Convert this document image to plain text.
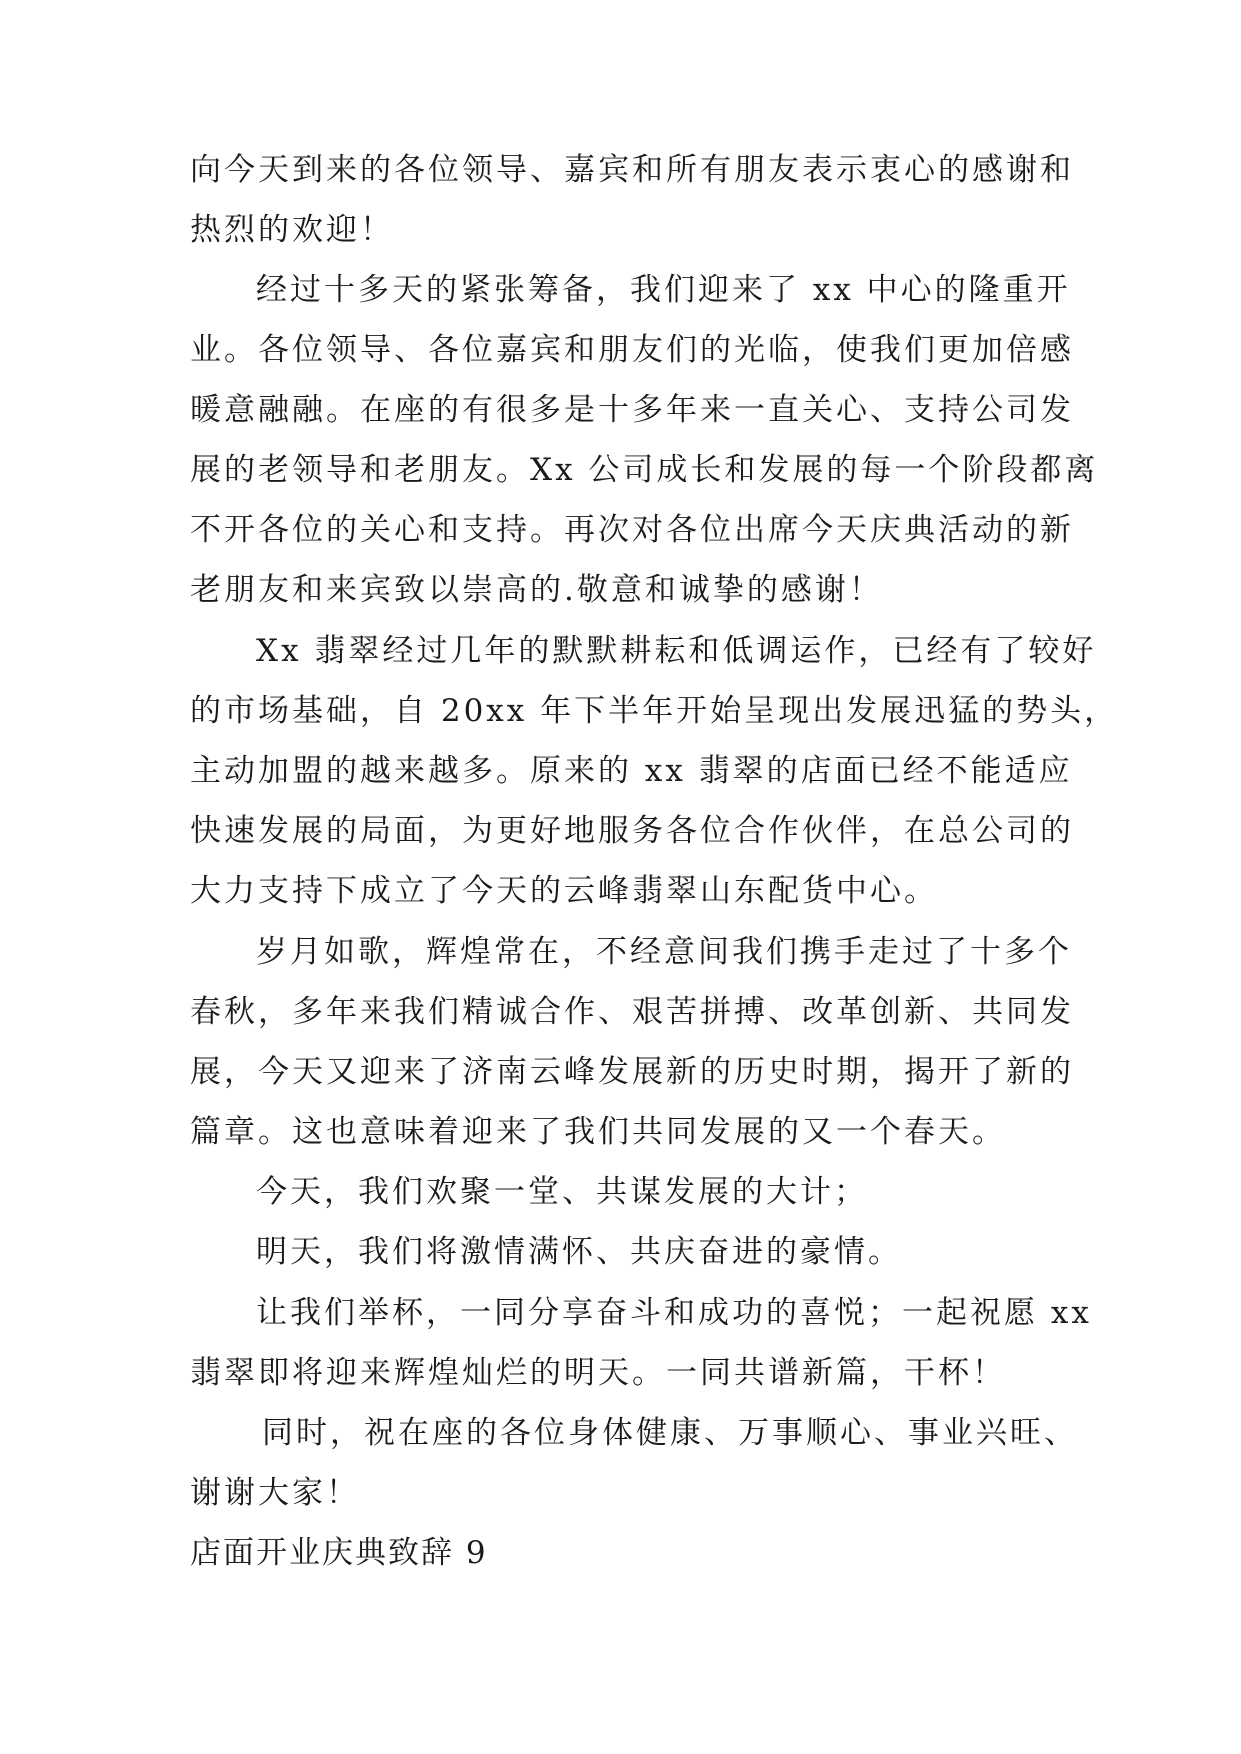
向今天到来的各位领导、嘉宾和所有朋友表示衷心的感谢和

热烈的欢迎！

经过十多天的紧张筹备，我们迎来了 xx 中心的隆重开

业。各位领导、各位嘉宾和朋友们的光临，使我们更加倍感

暖意融融。在座的有很多是十多年来一直关心、支持公司发

展的老领导和老朋友。Xx 公司成长和发展的每一个阶段都离

不开各位的关心和支持。再次对各位出席今天庆典活动的新

老朋友和来宾致以崇高的.敬意和诚挚的感谢！

Xx 翡翠经过几年的默默耕耘和低调运作，已经有了较好

的市场基础，自 20xx 年下半年开始呈现出发展迅猛的势头，

主动加盟的越来越多。原来的 xx 翡翠的店面已经不能适应

快速发展的局面，为更好地服务各位合作伙伴，在总公司的

大力支持下成立了今天的云峰翡翠山东配货中心。

岁月如歌，辉煌常在，不经意间我们携手走过了十多个

春秋，多年来我们精诚合作、艰苦拼搏、改革创新、共同发

展，今天又迎来了济南云峰发展新的历史时期，揭开了新的

篇章。这也意味着迎来了我们共同发展的又一个春天。

今天，我们欢聚一堂、共谋发展的大计；

明天，我们将激情满怀、共庆奋进的豪情。

让我们举杯，一同分享奋斗和成功的喜悦；一起祝愿 xx

翡翠即将迎来辉煌灿烂的明天。一同共谱新篇，干杯！

同时，祝在座的各位身体健康、万事顺心、事业兴旺、

谢谢大家！

店面开业庆典致辞 9
